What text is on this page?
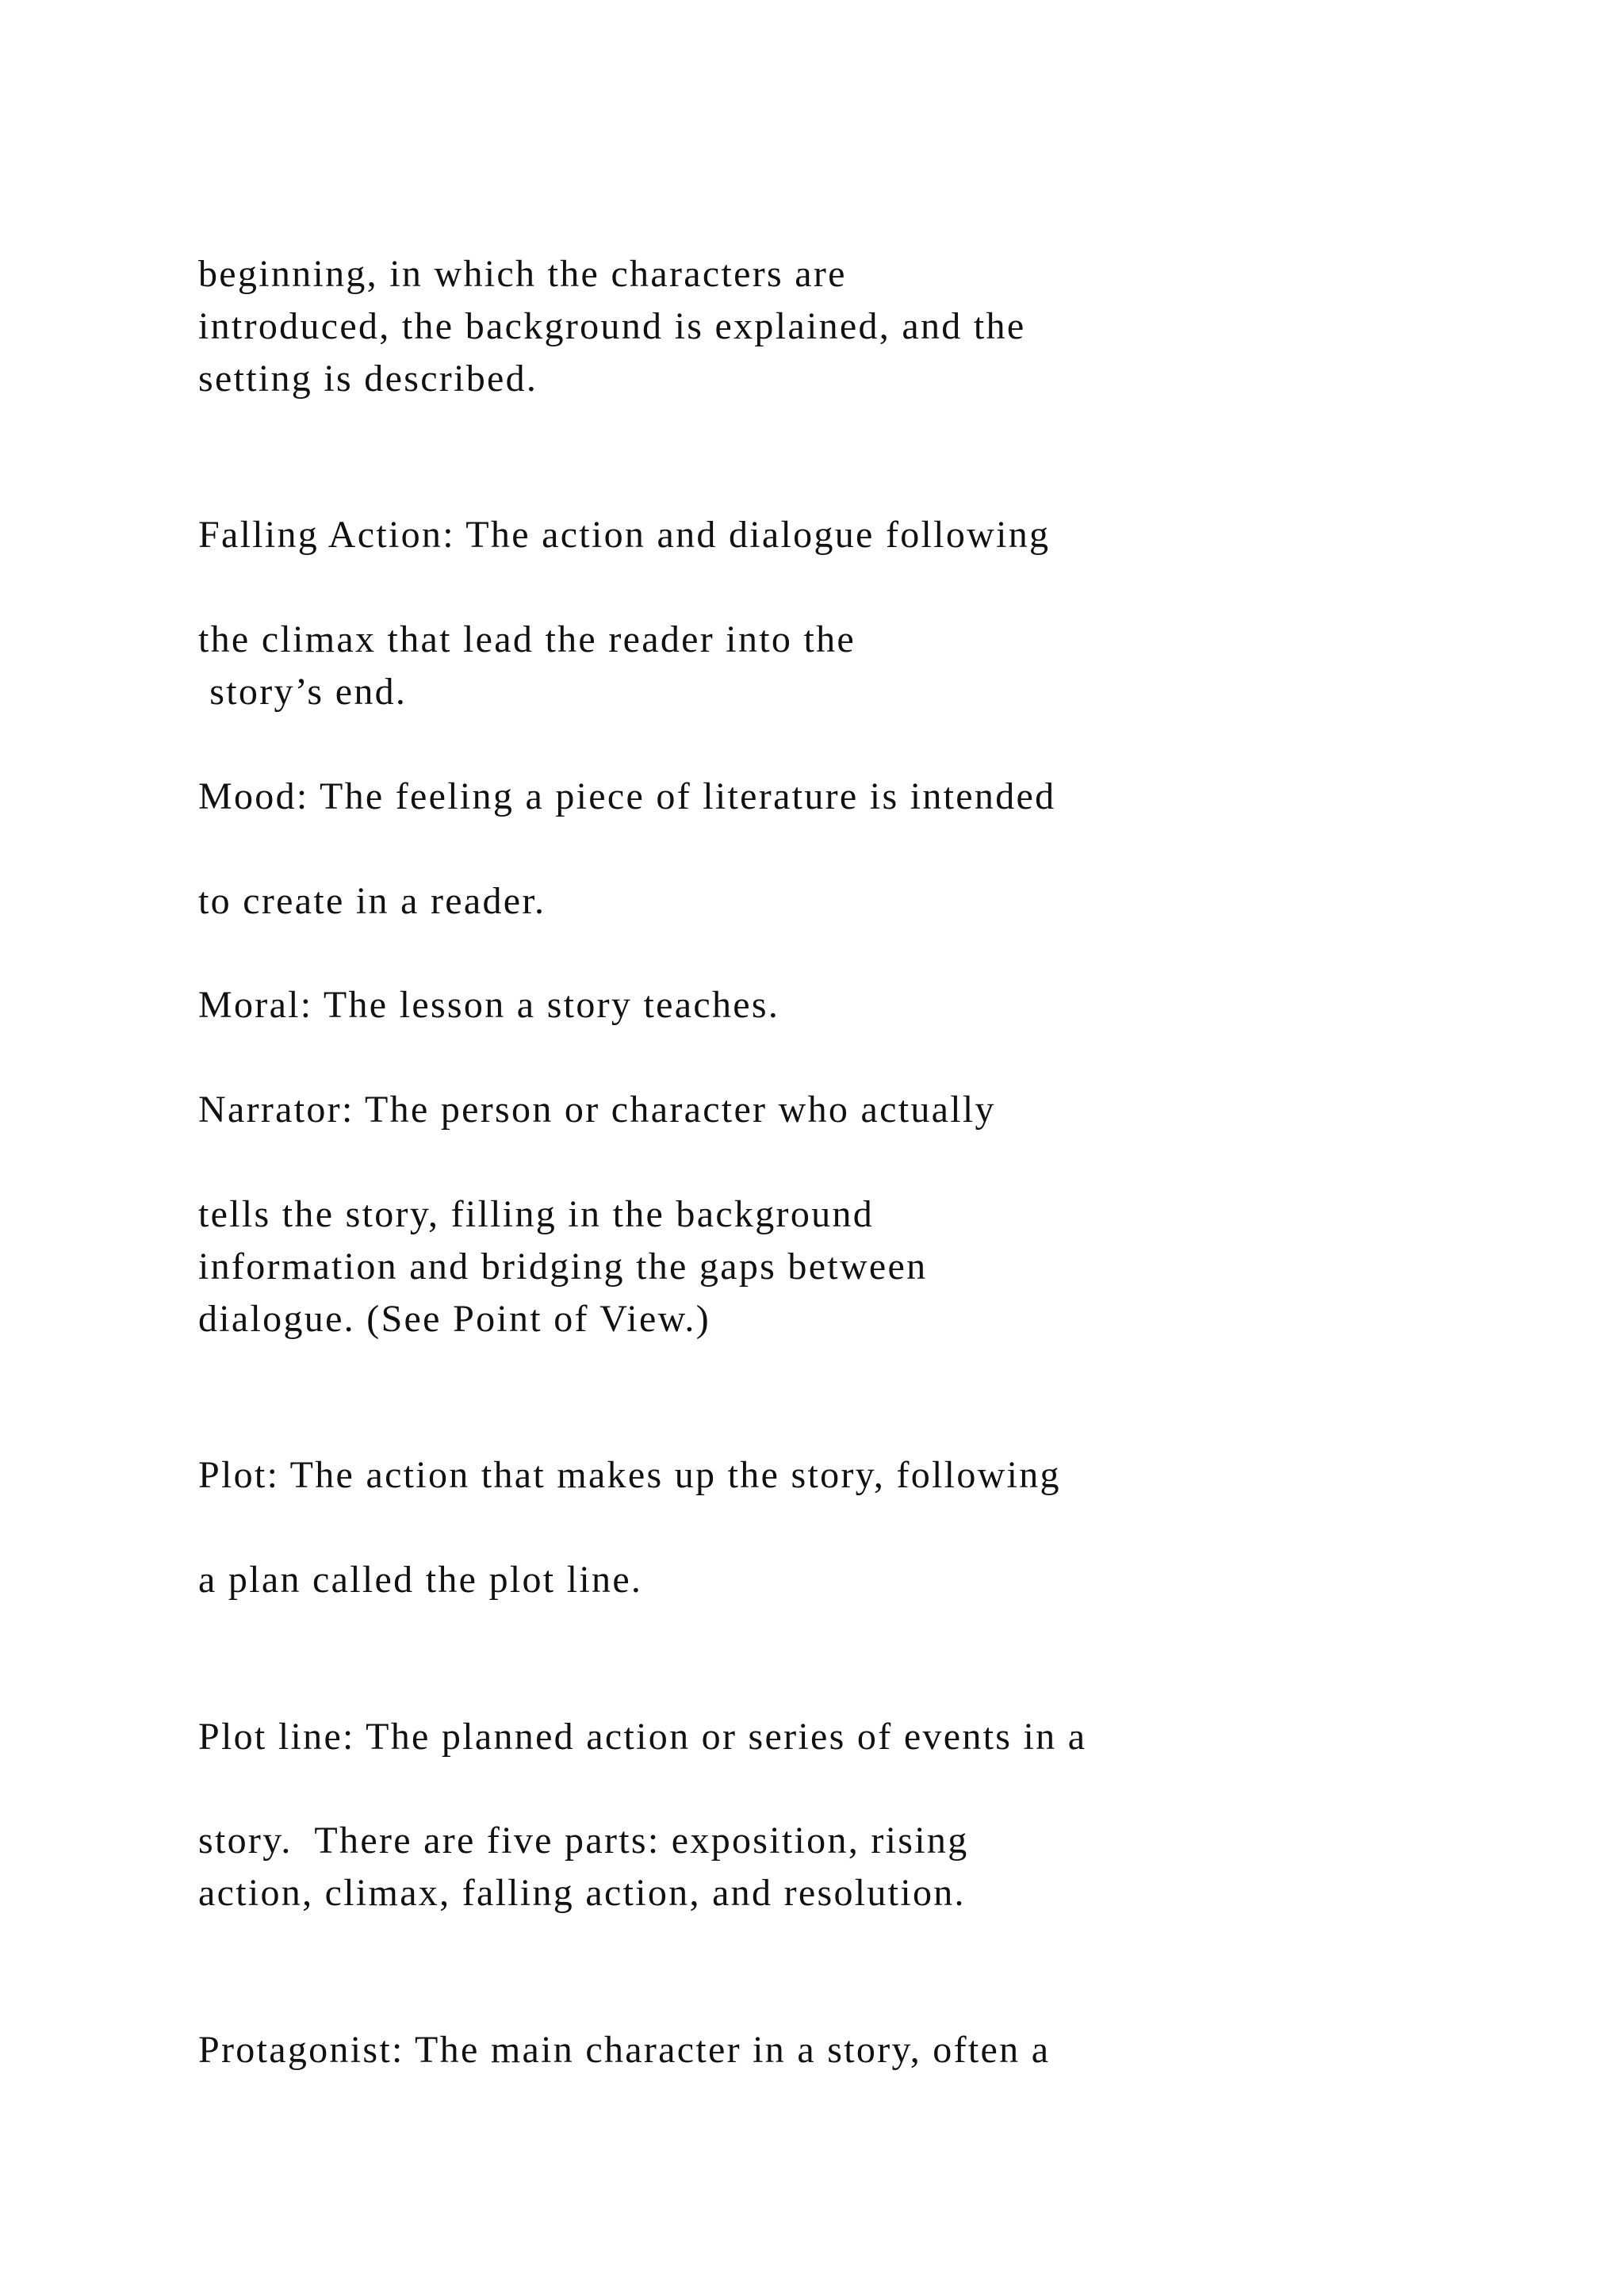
beginning, in which the characters are

introduced, the background is explained, and the

setting is described.

Falling Action: The action and dialogue following

the climax that lead the reader into the

story’s end.

Mood: The feeling a piece of literature is intended

to create in a reader.

Moral: The lesson a story teaches.

Narrator: The person or character who actually

tells the story, filling in the background

information and bridging the gaps between

dialogue. (See Point of View.)

Plot: The action that makes up the story, following

a plan called the plot line.

Plot line: The planned action or series of events in a

story.  There are five parts: exposition, rising

action, climax, falling action, and resolution.

Protagonist: The main character in a story, often a
